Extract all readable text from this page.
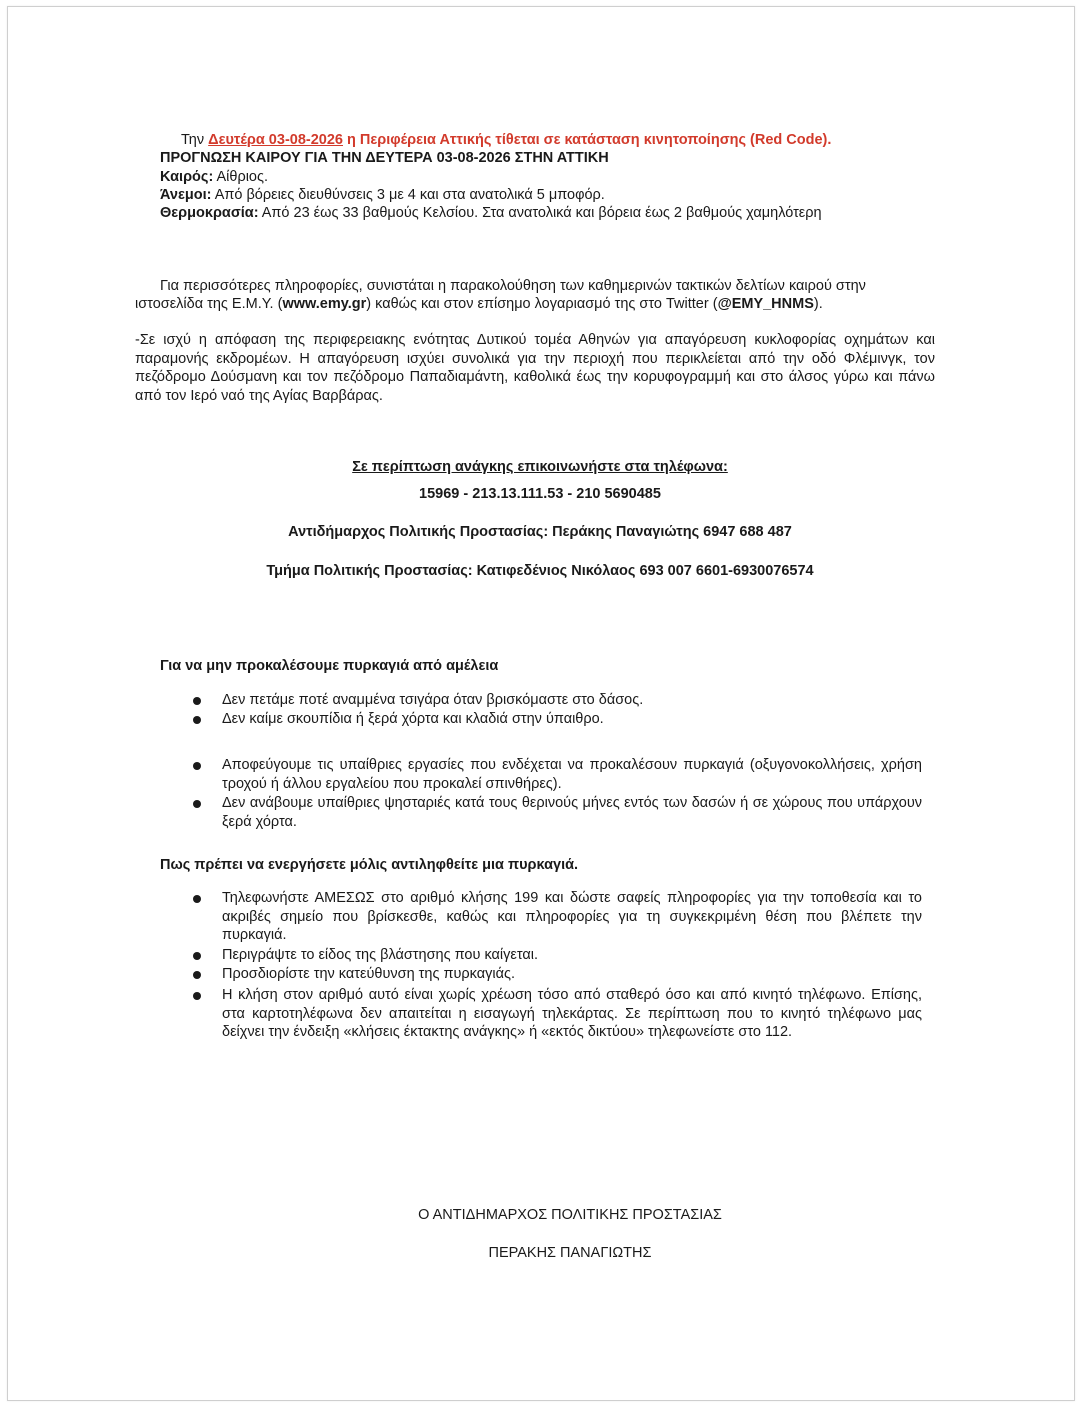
Την Δευτέρα 03-08-2026 η Περιφέρεια Αττικής τίθεται σε κατάσταση κινητοποίησης (Red Code).
ΠΡΟΓΝΩΣΗ ΚΑΙΡΟΥ ΓΙΑ ΤΗΝ ΔΕΥΤΕΡΑ 03-08-2026 ΣΤΗΝ ΑΤΤΙΚΗ
Καιρός: Αίθριος.
Άνεμοι: Από βόρειες διευθύνσεις 3 με 4 και στα ανατολικά 5 μποφόρ.
Θερμοκρασία: Από 23 έως 33 βαθμούς Κελσίου. Στα ανατολικά και βόρεια έως 2 βαθμούς χαμηλότερη
Για περισσότερες πληροφορίες, συνιστάται η παρακολούθηση των καθημερινών τακτικών δελτίων καιρού στην
ιστοσελίδα της Ε.Μ.Υ. (www.emy.gr) καθώς και στον επίσημο λογαριασμό της στο Twitter (@EMY_HNMS).
-Σε ισχύ η απόφαση της περιφερειακης ενότητας Δυτικού τομέα Αθηνών για απαγόρευση κυκλοφορίας οχημάτων και παραμονής εκδρομέων. Η απαγόρευση ισχύει συνολικά για την περιοχή που περικλείεται από την οδό Φλέμινγκ, τον πεζόδρομο Δούσμανη και τον πεζόδρομο Παπαδιαμάντη, καθολικά έως την κορυφογραμμή και στο άλσος γύρω και πάνω από τον Ιερό ναό της Αγίας Βαρβάρας.
Σε περίπτωση ανάγκης επικοινωνήστε στα τηλέφωνα:
15969 - 213.13.111.53 - 210 5690485
Αντιδήμαρχος Πολιτικής Προστασίας: Περάκης Παναγιώτης 6947 688 487
Τμήμα Πολιτικής Προστασίας: Κατιφεδένιος Νικόλαος 693 007 6601-6930076574
Για να μην προκαλέσουμε πυρκαγιά από αμέλεια
Δεν πετάμε ποτέ αναμμένα τσιγάρα όταν βρισκόμαστε στο δάσος.
Δεν καίμε σκουπίδια ή ξερά χόρτα και κλαδιά στην ύπαιθρο.
Αποφεύγουμε τις υπαίθριες εργασίες που ενδέχεται να προκαλέσουν πυρκαγιά (οξυγονοκολλήσεις, χρήση τροχού ή άλλου εργαλείου που προκαλεί σπινθήρες).
Δεν ανάβουμε υπαίθριες ψησταριές κατά τους θερινούς μήνες εντός των δασών ή σε χώρους που υπάρχουν ξερά χόρτα.
Πως πρέπει να ενεργήσετε μόλις αντιληφθείτε μια πυρκαγιά.
Τηλεφωνήστε ΑΜΕΣΩΣ στο αριθμό κλήσης 199 και δώστε σαφείς πληροφορίες για την τοποθεσία και το ακριβές σημείο που βρίσκεσθε, καθώς και πληροφορίες για τη συγκεκριμένη θέση που βλέπετε την πυρκαγιά.
Περιγράψτε το είδος της βλάστησης που καίγεται.
Προσδιορίστε την κατεύθυνση της πυρκαγιάς.
Η κλήση στον αριθμό αυτό είναι χωρίς χρέωση τόσο από σταθερό όσο και από κινητό τηλέφωνο. Επίσης, στα καρτοτηλέφωνα δεν απαιτείται η εισαγωγή τηλεκάρτας. Σε περίπτωση που το κινητό τηλέφωνο μας δείχνει την ένδειξη «κλήσεις έκτακτης ανάγκης» ή «εκτός δικτύου» τηλεφωνείστε στο 112.
Ο ΑΝΤΙΔΗΜΑΡΧΟΣ ΠΟΛΙΤΙΚΗΣ ΠΡΟΣΤΑΣΙΑΣ
ΠΕΡΑΚΗΣ ΠΑΝΑΓΙΩΤΗΣ
